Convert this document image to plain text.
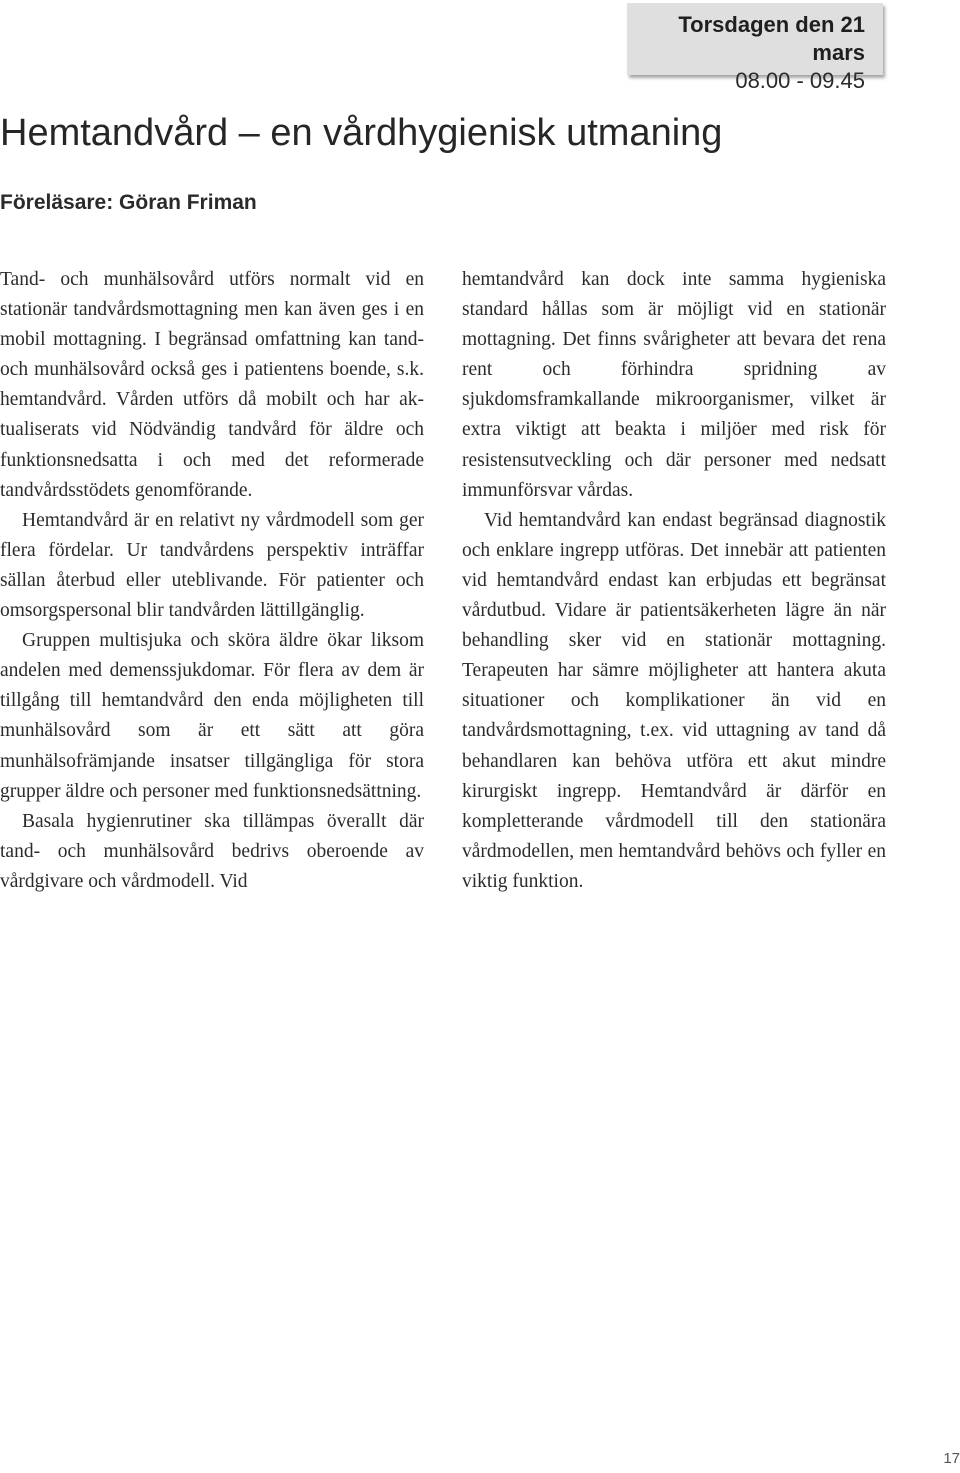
Torsdagen den 21 mars
08.00 - 09.45
Hemtandvård – en vårdhygienisk utmaning
Föreläsare: Göran Friman

Tand- och munhälsovård utförs normalt vid en stationär tandvårdsmottagning men kan även ges i en mobil mottagning. I begränsad omfattning kan tand- och munhälsovård också ges i patientens boende, s.k. hemtandvård. Vården utförs då mobilt och har aktualiserats vid Nödvändig tandvård för äldre och funktionsnedsatta i och med det reformerade tandvårdsstödets genomförande.

Hemtandvård är en relativt ny vårdmodell som ger flera fördelar. Ur tandvårdens perspektiv inträffar sällan återbud eller uteblivande. För patienter och omsorgspersonal blir tandvården lättillgänglig.

Gruppen multisjuka och sköra äldre ökar liksom andelen med demenssjukdomar. För flera av dem är tillgång till hemtandvård den enda möjligheten till munhälsovård som är ett sätt att göra munhälsofrämjande insatser tillgängliga för stora grupper äldre och personer med funktionsnedsättning.

Basala hygienrutiner ska tillämpas överallt där tand- och munhälsovård bedrivs oberoende av vårdgivare och vårdmodell. Vid

hemtandvård kan dock inte samma hygieniska standard hållas som är möjligt vid en stationär mottagning. Det finns svårigheter att bevara det rena rent och förhindra spridning av sjukdomsframkallande mikroorganismer, vilket är extra viktigt att beakta i miljöer med risk för resistensutveckling och där personer med nedsatt immunförsvar vårdas.

Vid hemtandvård kan endast begränsad diagnostik och enklare ingrepp utföras. Det innebär att patienten vid hemtandvård endast kan erbjudas ett begränsat vårdutbud. Vidare är patientsäkerheten lägre än när behandling sker vid en stationär mottagning. Terapeuten har sämre möjligheter att hantera akuta situationer och komplikationer än vid en tandvårdsmottagning, t.ex. vid uttagning av tand då behandlaren kan behöva utföra ett akut mindre kirurgiskt ingrepp. Hemtandvård är därför en kompletterande vårdmodell till den stationära vårdmodellen, men hemtandvård behövs och fyller en viktig funktion.

17
